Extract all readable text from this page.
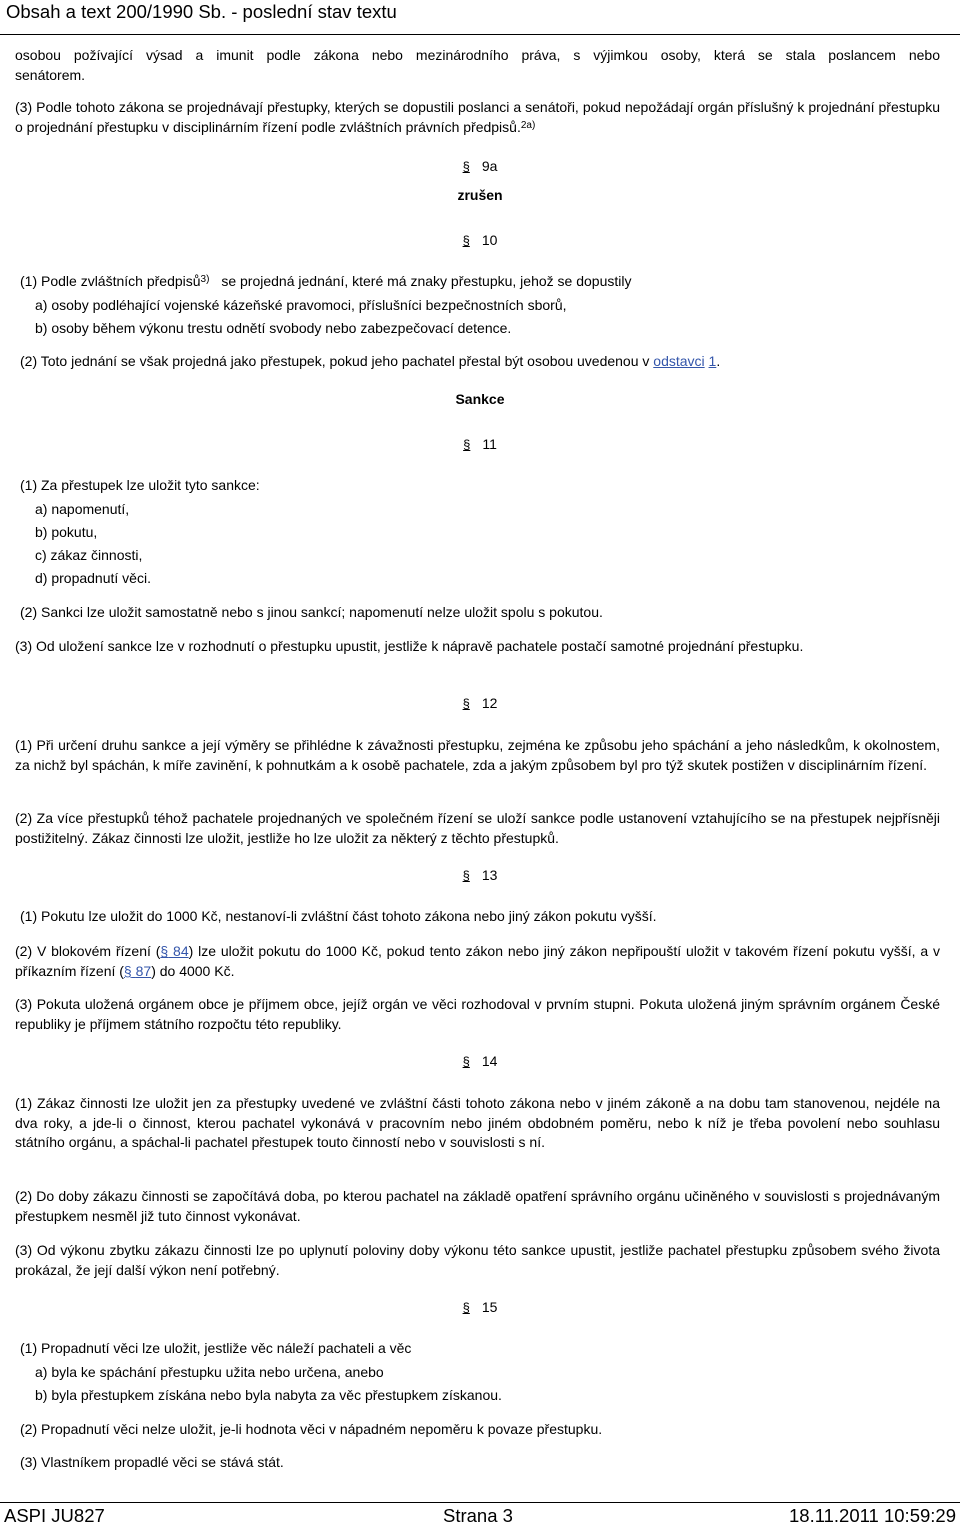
Obsah a text 200/1990 Sb. - poslední stav textu
osobou požívající výsad a imunit podle zákona nebo mezinárodního práva, s výjimkou osoby, která se stala poslancem nebo
senátorem.
(3) Podle tohoto zákona se projednávají přestupky, kterých se dopustili poslanci a senátoři, pokud nepožádají orgán příslušný k projednání přestupku o projednání přestupku v disciplinárním řízení podle zvláštních právních předpisů.$^{2a)}$
§ 9a
zrušen
§ 10
(1) Podle zvláštních předpisů$^{3)}$ se projedná jednání, které má znaky přestupku, jehož se dopustily
a) osoby podléhající vojenské kázeňské pravomoci, příslušníci bezpečnostních sborů,
b) osoby během výkonu trestu odnětí svobody nebo zabezpečovací detence.
(2) Toto jednání se však projedná jako přestupek, pokud jeho pachatel přestal být osobou uvedenou v odstavci 1.
Sankce
§ 11
(1) Za přestupek lze uložit tyto sankce:
a) napomenutí,
b) pokutu,
c) zákaz činnosti,
d) propadnutí věci.
(2) Sankci lze uložit samostatně nebo s jinou sankcí; napomenutí nelze uložit spolu s pokutou.
(3) Od uložení sankce lze v rozhodnutí o přestupku upustit, jestliže k nápravě pachatele postačí samotné projednání přestupku.
§ 12
(1) Při určení druhu sankce a její výměry se přihlédne k závažnosti přestupku, zejména ke způsobu jeho spáchání a jeho následkům, k okolnostem, za nichž byl spáchán, k míře zavinění, k pohnutkám a k osobě pachatele, zda a jakým způsobem byl pro týž skutek postižen v disciplinárním řízení.
(2) Za více přestupků téhož pachatele projednaných ve společném řízení se uloží sankce podle ustanovení vztahujícího se na přestupek nejpřísněji postižitelný. Zákaz činnosti lze uložit, jestliže ho lze uložit za některý z těchto přestupků.
§ 13
(1) Pokutu lze uložit do 1000 Kč, nestanoví-li zvláštní část tohoto zákona nebo jiný zákon pokutu vyšší.
(2) V blokovém řízení (§ 84) lze uložit pokutu do 1000 Kč, pokud tento zákon nebo jiný zákon nepřipouští uložit v takovém řízení pokutu vyšší, a v příkazním řízení (§ 87) do 4000 Kč.
(3) Pokuta uložená orgánem obce je příjmem obce, jejíž orgán ve věci rozhodoval v prvním stupni. Pokuta uložená jiným správním orgánem České republiky je příjmem státního rozpočtu této republiky.
§ 14
(1) Zákaz činnosti lze uložit jen za přestupky uvedené ve zvláštní části tohoto zákona nebo v jiném zákoně a na dobu tam stanovenou, nejdéle na dva roky, a jde-li o činnost, kterou pachatel vykonává v pracovním nebo jiném obdobném poměru, nebo k níž je třeba povolení nebo souhlasu státního orgánu, a spáchal-li pachatel přestupek touto činností nebo v souvislosti s ní.
(2) Do doby zákazu činnosti se započítává doba, po kterou pachatel na základě opatření správního orgánu učiněného v souvislosti s projednávaným přestupkem nesměl již tuto činnost vykonávat.
(3) Od výkonu zbytku zákazu činnosti lze po uplynutí poloviny doby výkonu této sankce upustit, jestliže pachatel přestupku způsobem svého života prokázal, že její další výkon není potřebný.
§ 15
(1) Propadnutí věci lze uložit, jestliže věc náleží pachateli a věc
a) byla ke spáchání přestupku užita nebo určena, anebo
b) byla přestupkem získána nebo byla nabyta za věc přestupkem získanou.
(2) Propadnutí věci nelze uložit, je-li hodnota věci v nápadném nepoměru k povaze přestupku.
(3) Vlastníkem propadlé věci se stává stát.
ASPI JU827	Strana 3	18.11.2011 10:59:29
